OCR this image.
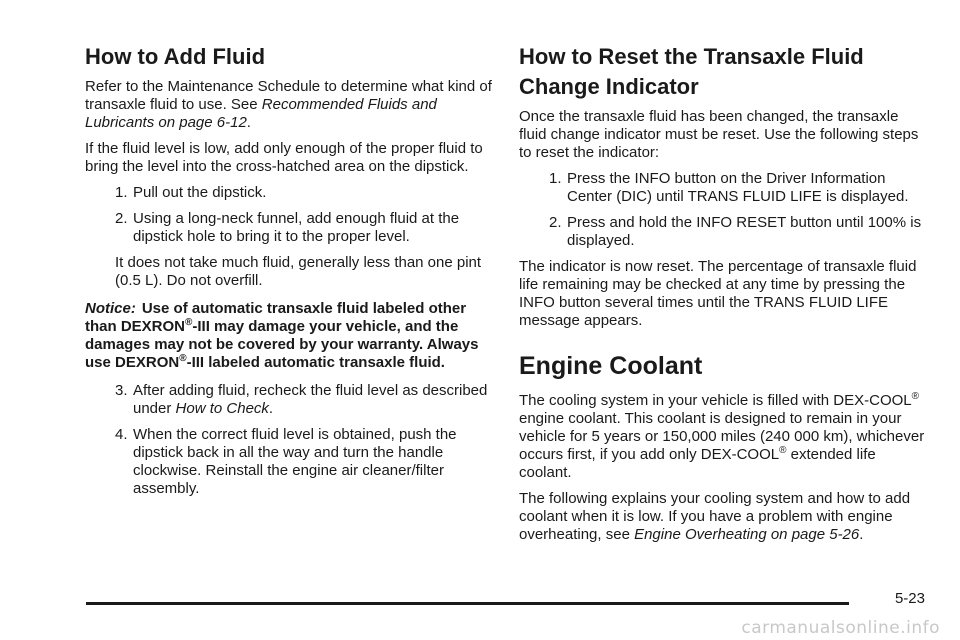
How to Add Fluid

Refer to the Maintenance Schedule to determine what kind of transaxle fluid to use. See Recommended Fluids and Lubricants on page 6-12.

If the fluid level is low, add only enough of the proper fluid to bring the level into the cross-hatched area on the dipstick.

1. Pull out the dipstick.
2. Using a long-neck funnel, add enough fluid at the dipstick hole to bring it to the proper level.
It does not take much fluid, generally less than one pint (0.5 L). Do not overfill.
Notice: Use of automatic transaxle fluid labeled other than DEXRON®-III may damage your vehicle, and the damages may not be covered by your warranty. Always use DEXRON®-III labeled automatic transaxle fluid.
3. After adding fluid, recheck the fluid level as described under How to Check.
4. When the correct fluid level is obtained, push the dipstick back in all the way and turn the handle clockwise. Reinstall the engine air cleaner/filter assembly.
How to Reset the Transaxle Fluid Change Indicator

Once the transaxle fluid has been changed, the transaxle fluid change indicator must be reset. Use the following steps to reset the indicator:

1. Press the INFO button on the Driver Information Center (DIC) until TRANS FLUID LIFE is displayed.
2. Press and hold the INFO RESET button until 100% is displayed.

The indicator is now reset. The percentage of transaxle fluid life remaining may be checked at any time by pressing the INFO button several times until the TRANS FLUID LIFE message appears.

Engine Coolant

The cooling system in your vehicle is filled with DEX-COOL® engine coolant. This coolant is designed to remain in your vehicle for 5 years or 150,000 miles (240 000 km), whichever occurs first, if you add only DEX-COOL® extended life coolant.

The following explains your cooling system and how to add coolant when it is low. If you have a problem with engine overheating, see Engine Overheating on page 5-26.

5-23
carmanualsonline.info
